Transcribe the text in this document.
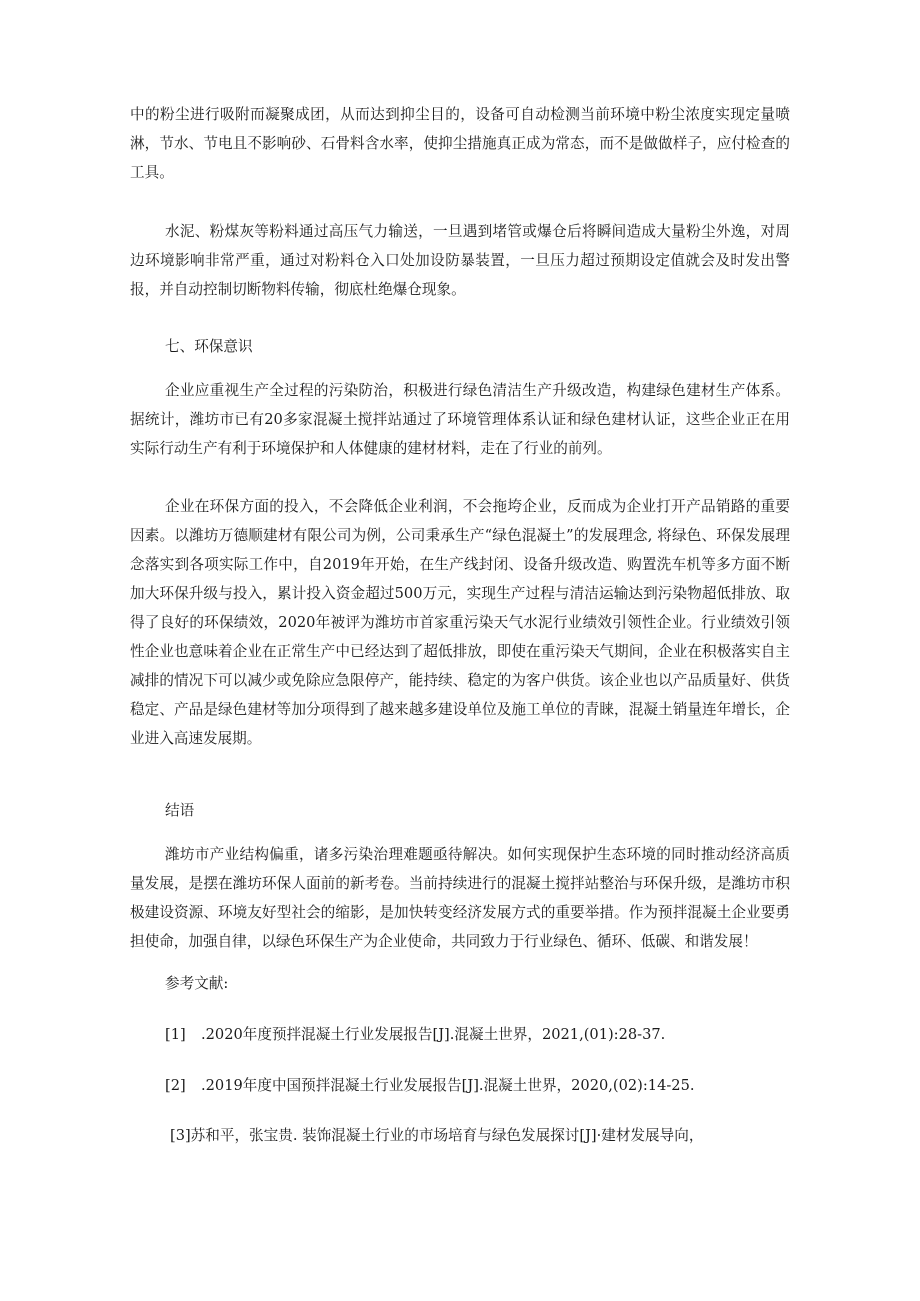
中的粉尘进行吸附而凝聚成团，从而达到抑尘目的，设备可自动检测当前环境中粉尘浓度实现定量喷淋，节水、节电且不影响砂、石骨料含水率，使抑尘措施真正成为常态，而不是做做样子，应付检查的工具。

水泥、粉煤灰等粉料通过高压气力输送，一旦遇到堵管或爆仓后将瞬间造成大量粉尘外逸，对周边环境影响非常严重，通过对粉料仓入口处加设防暴装置，一旦压力超过预期设定值就会及时发出警报，并自动控制切断物料传输，彻底杜绝爆仓现象。

七、环保意识

企业应重视生产全过程的污染防治，积极进行绿色清洁生产升级改造，构建绿色建材生产体系。据统计，潍坊市已有20多家混凝土搅拌站通过了环境管理体系认证和绿色建材认证，这些企业正在用实际行动生产有利于环境保护和人体健康的建材材料，走在了行业的前列。

企业在环保方面的投入，不会降低企业利润，不会拖垮企业，反而成为企业打开产品销路的重要因素。以潍坊万德顺建材有限公司为例，公司秉承生产“绿色混凝土”的发展理念, 将绿色、环保发展理念落实到各项实际工作中，自2019年开始，在生产线封闭、设备升级改造、购置洗车机等多方面不断加大环保升级与投入，累计投入资金超过500万元，实现生产过程与清洁运输达到污染物超低排放、取得了良好的环保绩效，2020年被评为潍坊市首家重污染天气水泥行业绩效引领性企业。行业绩效引领性企业也意味着企业在正常生产中已经达到了超低排放，即使在重污染天气期间，企业在积极落实自主减排的情况下可以减少或免除应急限停产，能持续、稳定的为客户供货。该企业也以产品质量好、供货稳定、产品是绿色建材等加分项得到了越来越多建设单位及施工单位的青睐，混凝土销量连年增长，企业进入高速发展期。

结语

潍坊市产业结构偏重，诸多污染治理难题亟待解决。如何实现保护生态环境的同时推动经济高质量发展，是摆在潍坊环保人面前的新考卷。当前持续进行的混凝土搅拌站整治与环保升级，是潍坊市积极建设资源、环境友好型社会的缩影，是加快转变经济发展方式的重要举措。作为预拌混凝土企业要勇担使命，加强自律，以绿色环保生产为企业使命，共同致力于行业绿色、循环、低碳、和谐发展！

参考文献:

[1] .2020年度预拌混凝土行业发展报告[J].混凝土世界，2021,(01):28-37.

[2] .2019年度中国预拌混凝土行业发展报告[J].混凝土世界，2020,(02):14-25.

[3]苏和平，张宝贵. 装饰混凝土行业的市场培育与绿色发展探讨[J]·建材发展导向，
